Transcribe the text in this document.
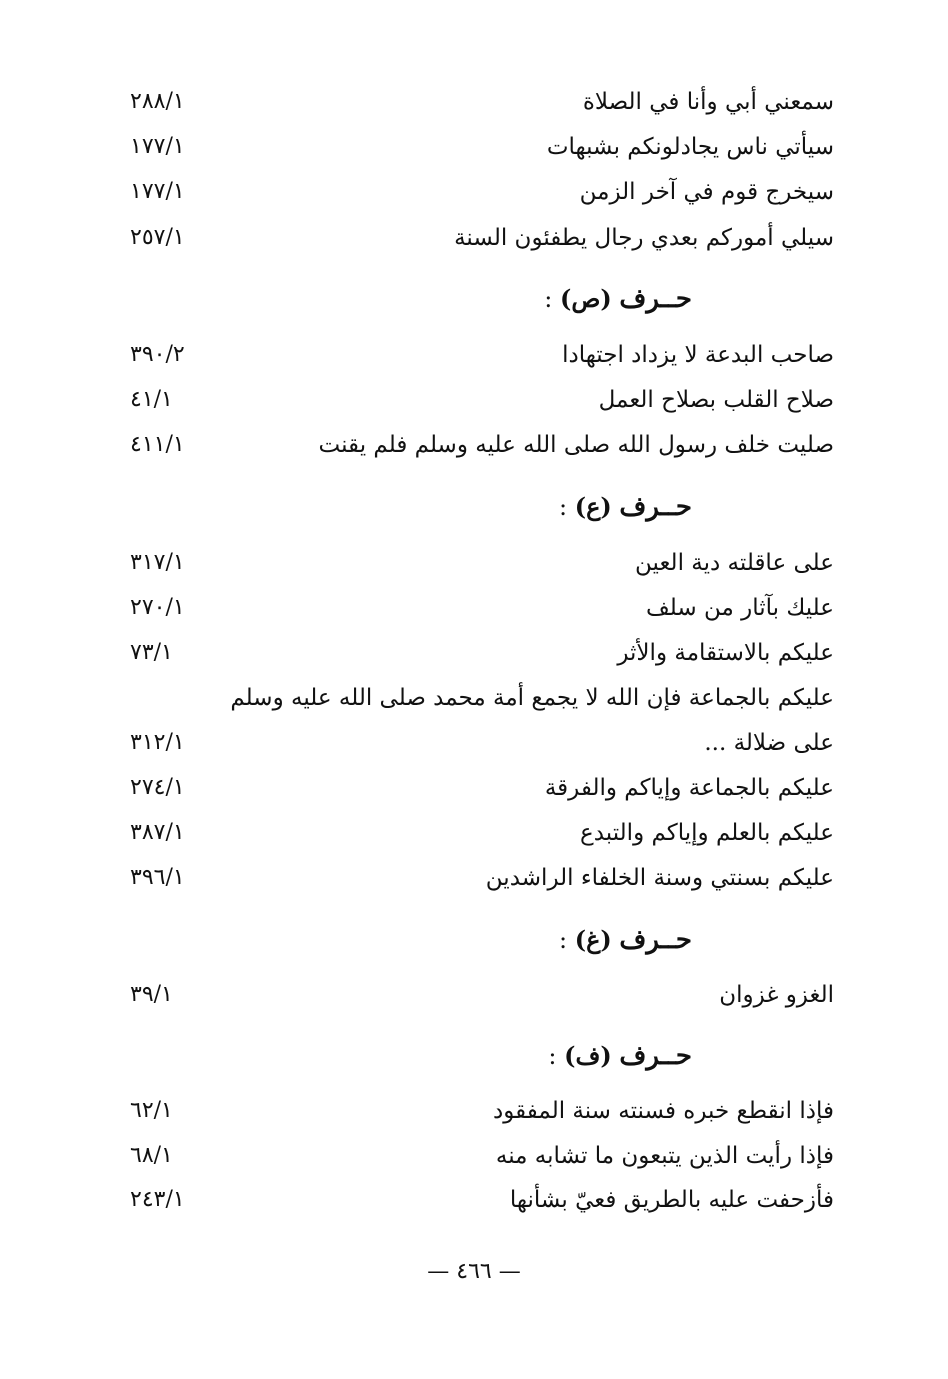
سمعني أبي وأنا في الصلاة
٢٨٨/١
سيأتي ناس يجادلونكم بشبهات
١٧٧/١
سيخرج قوم في آخر الزمن
١٧٧/١
سيلي أموركم بعدي رجال يطفئون السنة
٢٥٧/١
حــرف (ص) :
صاحب البدعة لا يزداد اجتهادا
٣٩٠/٢
صلاح القلب بصلاح العمل
٤١/١
صليت خلف رسول الله صلى الله عليه وسلم فلم يقنت
٤١١/١
حــرف (ع) :
على عاقلته دية العين
٣١٧/١
عليك بآثار من سلف
٢٧٠/١
عليكم بالاستقامة والأثر
٧٣/١
عليكم بالجماعة فإن الله لا يجمع أمة محمد صلى الله عليه وسلم
على ضلالة ...
٣١٢/١
عليكم بالجماعة وإياكم والفرقة
٢٧٤/١
عليكم بالعلم وإياكم والتبدع
٣٨٧/١
عليكم بسنتي وسنة الخلفاء الراشدين
٣٩٦/١
حــرف (غ) :
الغزو غزوان
٣٩/١
حــرف (ف) :
فإذا انقطع خبره فسنته سنة المفقود
٦٢/١
فإذا رأيت الذين يتبعون ما تشابه منه
٦٨/١
فأزحفت عليه بالطريق فعيّ بشأنها
٢٤٣/١
— ٤٦٦ —
